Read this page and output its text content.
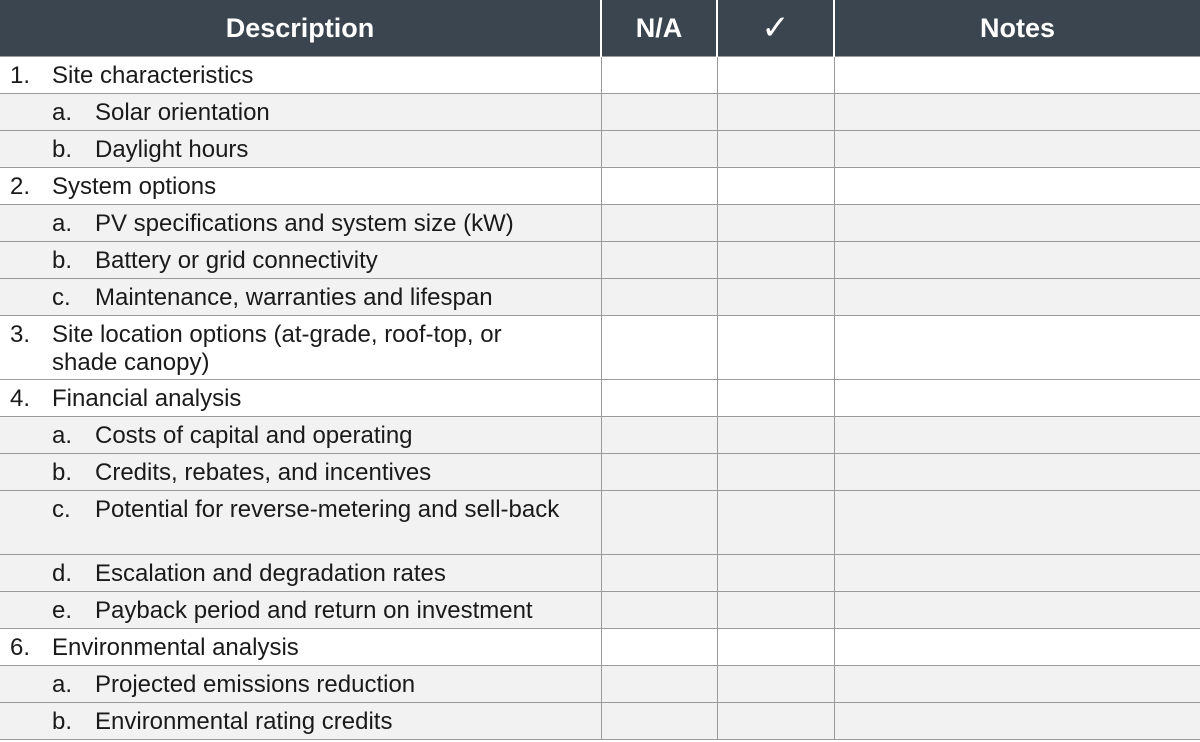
Description	N/A	✓	Notes

1. Site characteristics			

a. Solar orientation			

b. Daylight hours			

2. System options			

a. PV specifications and system size (kW)			

b. Battery or grid connectivity			

c. Maintenance, warranties and lifespan			

3. Site location options (at-grade, roof-top, or shade canopy)			

4. Financial analysis			

a. Costs of capital and operating			

b. Credits, rebates, and incentives			

c. Potential for reverse-metering and sell-back			

d. Escalation and degradation rates			

e. Payback period and return on investment			

6. Environmental analysis			

a. Projected emissions reduction			

b. Environmental rating credits			
